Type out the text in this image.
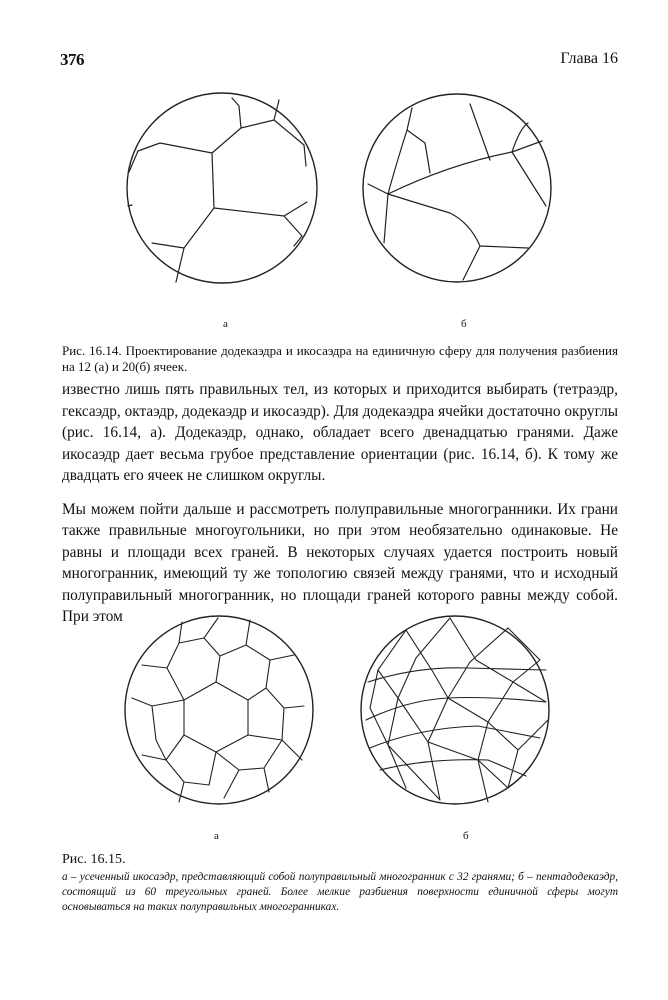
376	Глава 16
а	б
Рис. 16.14. Проектирование додекаэдра и икосаэдра на единичную сферу для получения разбиения на 12 (а) и 20(б) ячеек.

известно лишь пять правильных тел, из которых и приходится выбирать (тетраэдр, гексаэдр, октаэдр, додекаэдр и икосаэдр). Для додекаэдра ячейки достаточно округлы (рис. 16.14, а). Додекаэдр, однако, обладает всего двенадцатью гранями. Даже икосаэдр дает весьма грубое представление ориентации (рис. 16.14, б). К тому же двадцать его ячеек не слишком округлы.

Мы можем пойти дальше и рассмотреть полуправильные многогранники. Их грани также правильные многоугольники, но при этом необязательно одинаковые. Не равны и площади всех граней. В некоторых случаях удается построить новый многогранник, имеющий ту же топологию связей между гранями, что и исходный полуправильный многогранник, но площади граней которого равны между собой. При этом

а	б
Рис. 16.15.
а – усеченный икосаэдр, представляющий собой полуправильный многогранник с 32 гранями; б – пентадодекаэдр, состоящий из 60 треугольных граней. Более мелкие разбиения поверхности единичной сферы могут основываться на таких полуправильных многогранниках.
